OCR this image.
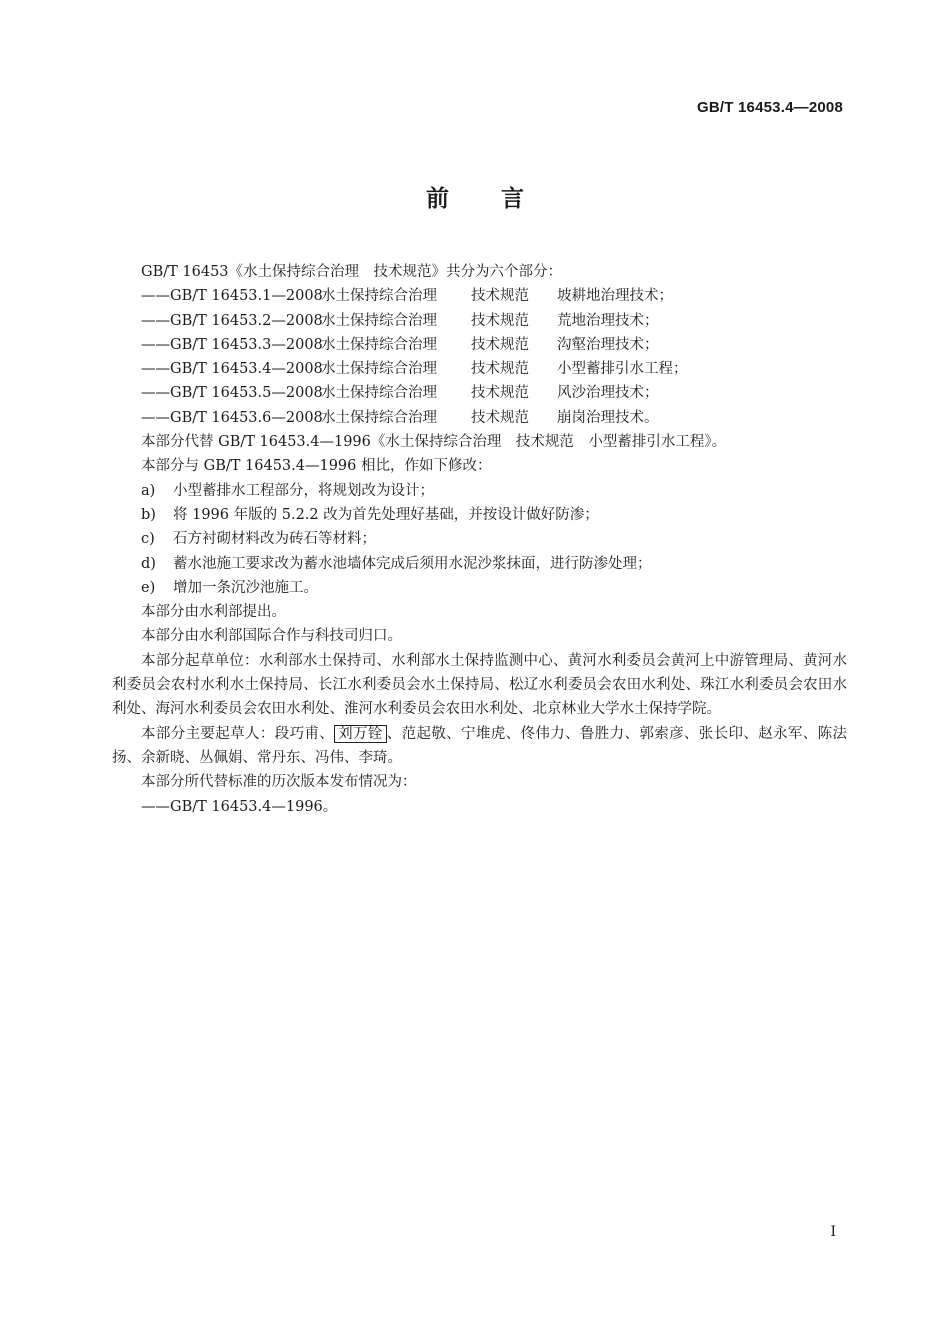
GB/T 16453.4—2008
前 言
GB/T 16453《水土保持综合治理　技术规范》共分为六个部分：
——GB/T 16453.1—2008水土保持综合治理 技术规范 坡耕地治理技术；
——GB/T 16453.2—2008水土保持综合治理 技术规范 荒地治理技术；
——GB/T 16453.3—2008水土保持综合治理 技术规范 沟壑治理技术；
——GB/T 16453.4—2008水土保持综合治理 技术规范 小型蓄排引水工程；
——GB/T 16453.5—2008水土保持综合治理 技术规范 风沙治理技术；
——GB/T 16453.6—2008水土保持综合治理 技术规范 崩岗治理技术。
本部分代替 GB/T 16453.4—1996《水土保持综合治理　技术规范　小型蓄排引水工程》。
本部分与 GB/T 16453.4—1996 相比，作如下修改：
a) 小型蓄排水工程部分，将规划改为设计；
b) 将 1996 年版的 5.2.2 改为首先处理好基础，并按设计做好防渗；
c) 石方衬砌材料改为砖石等材料；
d) 蓄水池施工要求改为蓄水池墙体完成后须用水泥沙浆抹面，进行防渗处理；
e) 增加一条沉沙池施工。
本部分由水利部提出。
本部分由水利部国际合作与科技司归口。

本部分起草单位：水利部水土保持司、水利部水土保持监测中心、黄河水利委员会黄河上中游管理局、黄河水利委员会农村水利水土保持局、长江水利委员会水土保持局、松辽水利委员会农田水利处、珠江水利委员会农田水利处、海河水利委员会农田水利处、淮河水利委员会农田水利处、北京林业大学水土保持学院。

本部分主要起草人：段巧甫、 刘万铨 、范起敬、宁堆虎、佟伟力、鲁胜力、郭索彦、张长印、赵永军、陈法扬、余新晓、丛佩娟、常丹东、冯伟、李琦。

本部分所代替标准的历次版本发布情况为：
——GB/T 16453.4—1996。
I
